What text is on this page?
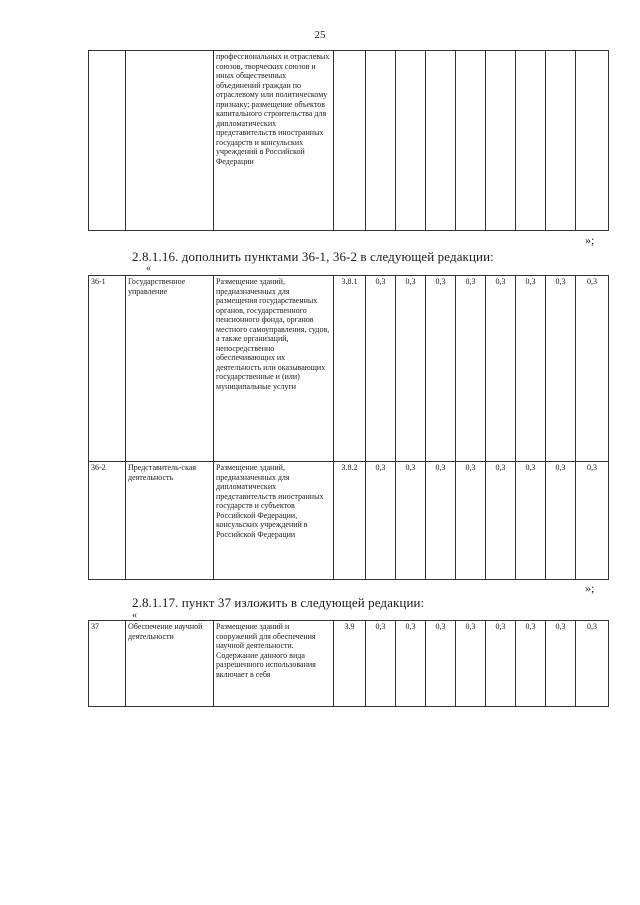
25
		профессиональных и отраслевых союзов, творческих союзов и иных общественных объединений граждан по отраслевому или политическому признаку; размещение объектов капитального строительства для дипломатических представительств иностранных государств и консульских учреждений в Российской Федерации									
»;
2.8.1.16. дополнить пунктами 36-1, 36-2 в следующей редакции:
«
36-1	Государственное управление	Размещение зданий, предназначенных для размещения государственных органов, государственного пенсионного фонда, органов местного самоуправления, судов, а также организаций, непосредственно обеспечивающих их деятельность или оказывающих государственные и (или) муниципальные услуги	3.8.1	0,3	0,3	0,3	0,3	0,3	0,3	0,3	0,3
36-2	Представитель-ская деятельность	Размещение зданий, предназначенных для дипломатических представительств иностранных государств и субъектов Российской Федерации, консульских учреждений в Российской Федерации	3.8.2	0,3	0,3	0,3	0,3	0,3	0,3	0,3	0,3
»;
2.8.1.17. пункт 37 изложить в следующей редакции:
«
37	Обеспечение научной деятельности	Размещение зданий и сооружений для обеспечения научной деятельности. Содержание данного вида разрешенного использования включает в себя	3.9	0,3	0,3	0,3	0,3	0,3	0,3	0,3	0,3
